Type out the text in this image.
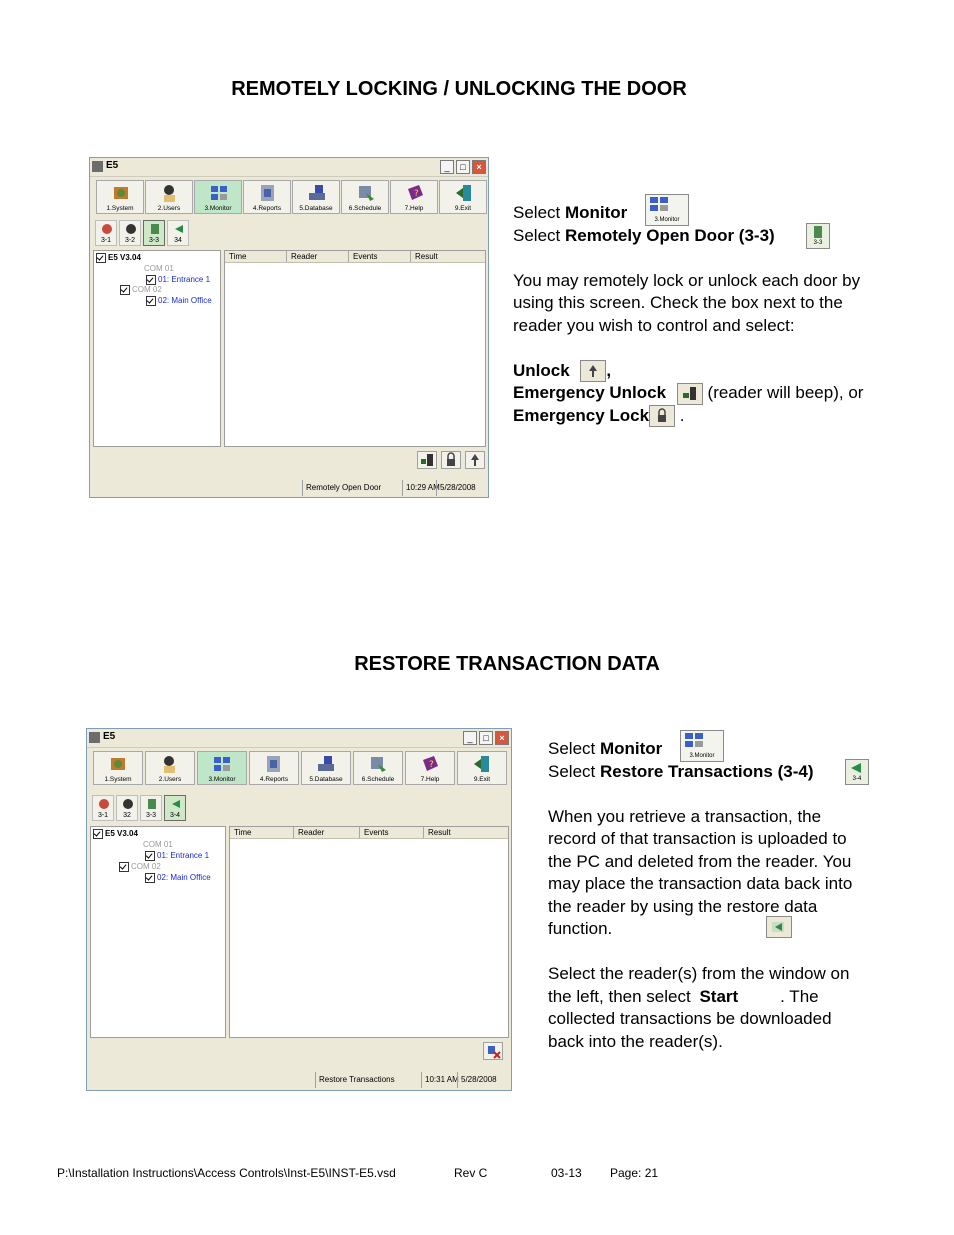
REMOTELY LOCKING / UNLOCKING THE DOOR
E5	_	□	×
1.System	2.Users	3.Monitor	4.Reports	5.Database	6.Schedule
?
7.Help	9.Exit
3-1	3-2	3-3	34
E5 V3.04
COM 01
01: Entrance 1
COM 02
02: Main Office
Time	Reader	Events	Result
Remotely Open Door	10:29 AM 5/28/2008
Select Monitor	3.Monitor
Select Remotely Open Door (3-3)	3-3
You may remotely lock or unlock each door by
using this screen. Check the box next to the
reader you wish to control and select:
Unlock ,
Emergency Unlock (reader will beep), or
Emergency Lock .
RESTORE TRANSACTION DATA
E5	_	□	×
1.System	2.Users	3.Monitor	4.Reports	5.Database	6.Schedule
?
7.Help	9.Exit
3-1	32	3-3	3-4
E5 V3.04
COM 01
01: Entrance 1
COM 02
02: Main Office
Time	Reader	Events	Result
Restore Transactions	10:31 AM 5/28/2008
Select Monitor	3.Monitor
Select Restore Transactions (3-4)	3-4
When you retrieve a transaction, the
record of that transaction is uploaded to
the PC and deleted from the reader. You
may place the transaction data back into
the reader by using the restore data
function.
Select the reader(s) from the window on
the left, then select Start . The
collected transactions be downloaded
back into the reader(s).
P:\Installation Instructions\Access Controls\Inst-E5\INST-E5.vsd	Rev C	03-13 Page: 21
